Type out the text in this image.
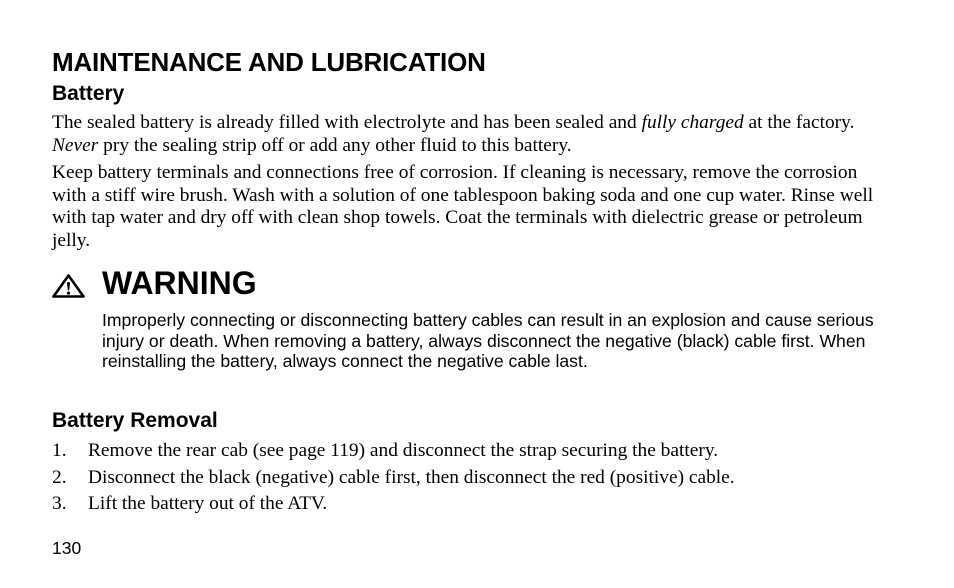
MAINTENANCE AND LUBRICATION
Battery

The sealed battery is already filled with electrolyte and has been sealed and fully charged at the factory. Never pry the sealing strip off or add any other fluid to this battery.

Keep battery terminals and connections free of corrosion. If cleaning is necessary, remove the corrosion with a stiff wire brush. Wash with a solution of one tablespoon baking soda and one cup water. Rinse well with tap water and dry off with clean shop towels. Coat the terminals with dielectric grease or petroleum jelly.

WARNING

Improperly connecting or disconnecting battery cables can result in an explosion and cause serious injury or death. When removing a battery, always disconnect the negative (black) cable first. When reinstalling the battery, always connect the negative cable last.

Battery Removal
1. Remove the rear cab (see page 119) and disconnect the strap securing the battery.
2. Disconnect the black (negative) cable first, then disconnect the red (positive) cable.
3. Lift the battery out of the ATV.

130
